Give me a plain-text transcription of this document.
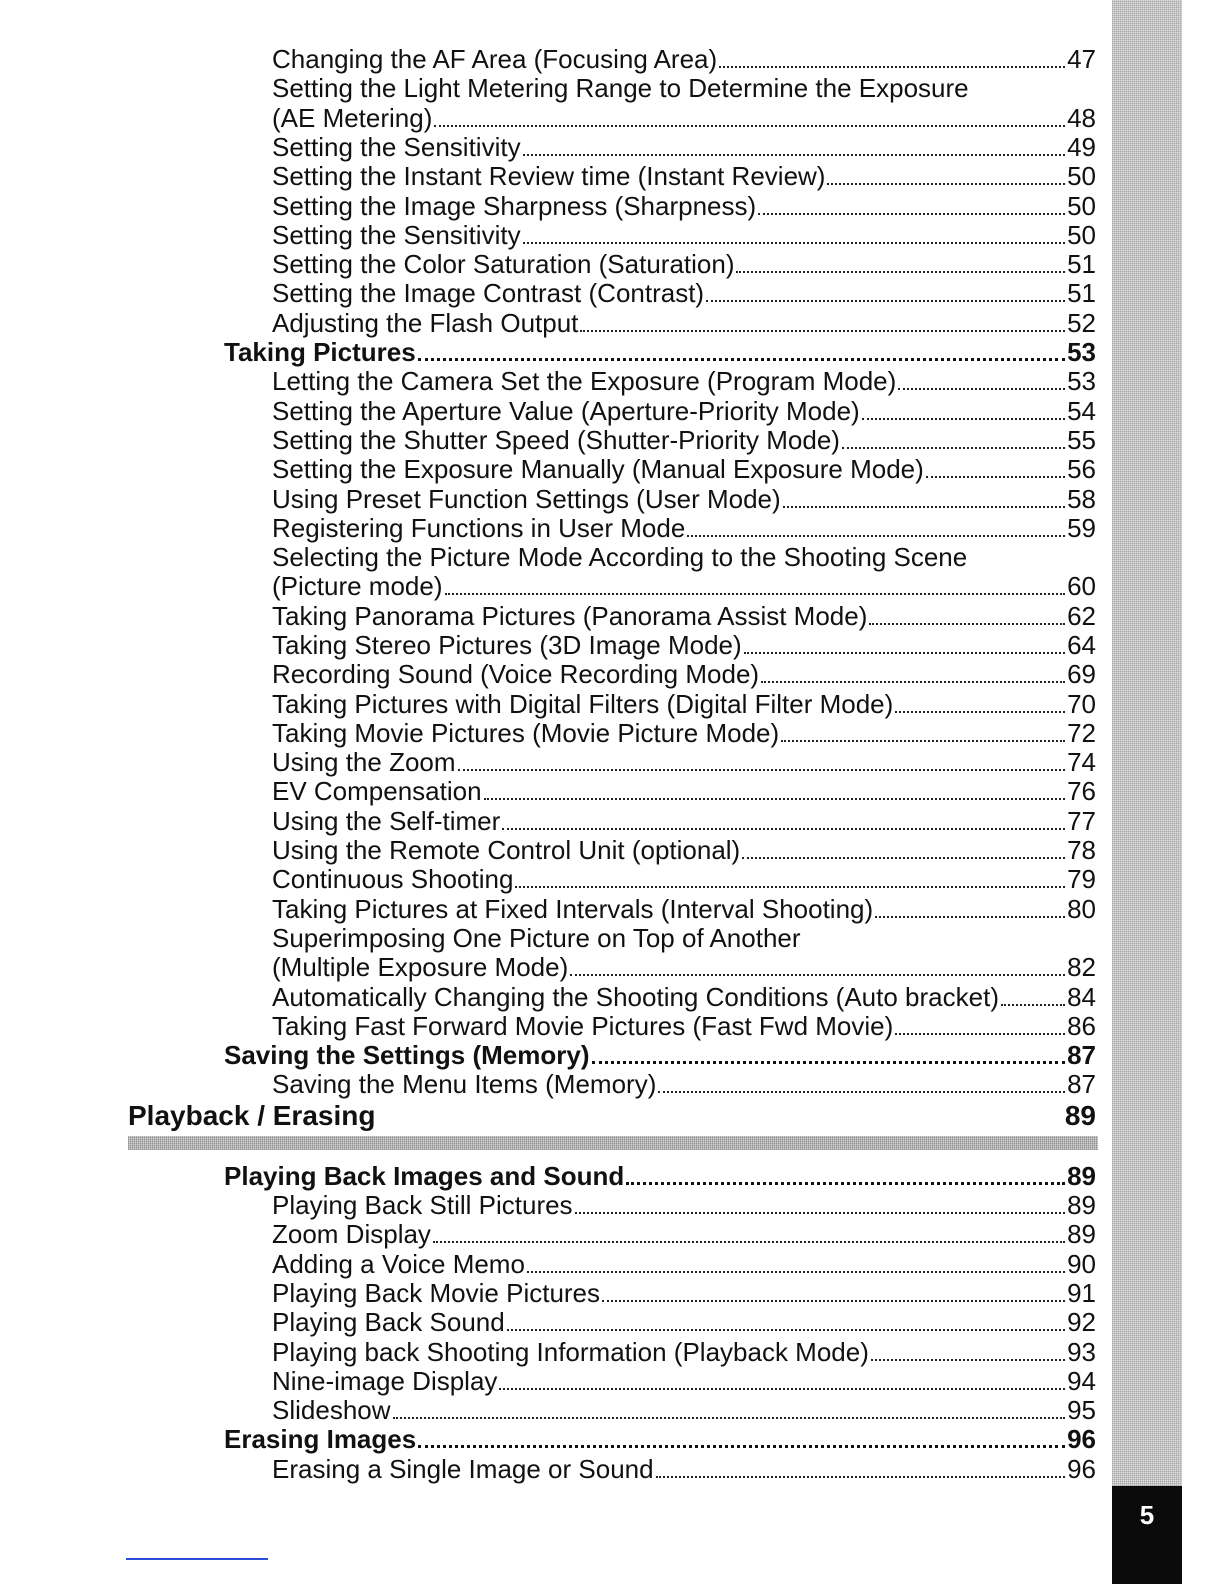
Changing the AF Area (Focusing Area)	47
Setting the Light Metering Range to Determine the Exposure
(AE Metering)	48
Setting the Sensitivity	49
Setting the Instant Review time (Instant Review)	50
Setting the Image Sharpness (Sharpness)	50
Setting the Sensitivity	50
Setting the Color Saturation (Saturation)	51
Setting the Image Contrast (Contrast)	51
Adjusting the Flash Output	52
Taking Pictures	53
Letting the Camera Set the Exposure (Program Mode)	53
Setting the Aperture Value (Aperture-Priority Mode)	54
Setting the Shutter Speed (Shutter-Priority Mode)	55
Setting the Exposure Manually (Manual Exposure Mode)	56
Using Preset Function Settings (User Mode)	58
Registering Functions in User Mode	59
Selecting the Picture Mode According to the Shooting Scene
(Picture mode)	60
Taking Panorama Pictures (Panorama Assist Mode)	62
Taking Stereo Pictures (3D Image Mode)	64
Recording Sound (Voice Recording Mode)	69
Taking Pictures with Digital Filters (Digital Filter Mode)	70
Taking Movie Pictures (Movie Picture Mode)	72
Using the Zoom	74
EV Compensation	76
Using the Self-timer	77
Using the Remote Control Unit (optional)	78
Continuous Shooting	79
Taking Pictures at Fixed Intervals (Interval Shooting)	80
Superimposing One Picture on Top of Another
(Multiple Exposure Mode)	82
Automatically Changing the Shooting Conditions (Auto bracket)	84
Taking Fast Forward Movie Pictures (Fast Fwd Movie)	86
Saving the Settings (Memory)	87
Saving the Menu Items (Memory)	87
Playback / Erasing	89
Playing Back Images and Sound	89
Playing Back Still Pictures	89
Zoom Display	89
Adding a Voice Memo	90
Playing Back Movie Pictures	91
Playing Back Sound	92
Playing back Shooting Information (Playback Mode)	93
Nine-image Display	94
Slideshow	95
Erasing Images	96
Erasing a Single Image or Sound	96
5
